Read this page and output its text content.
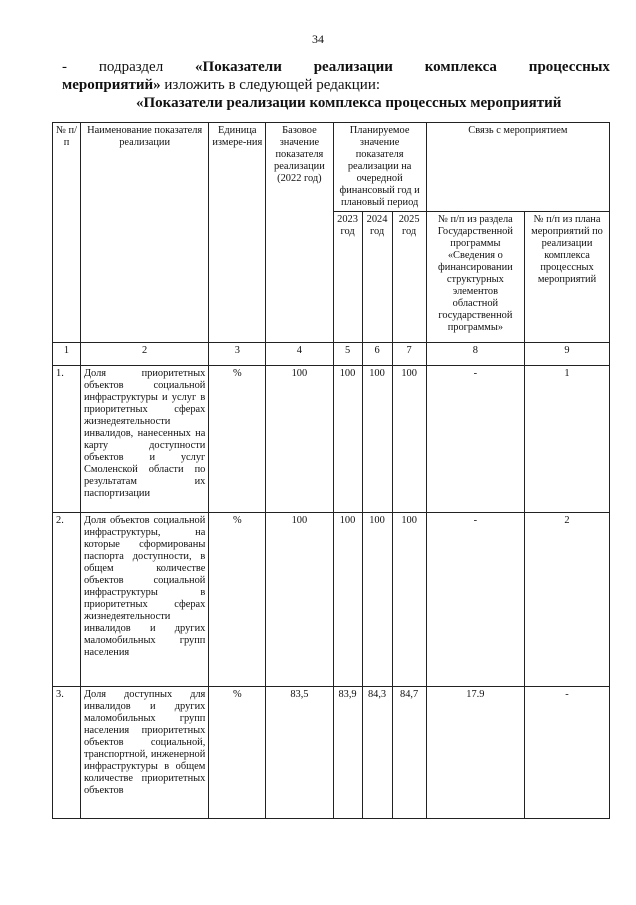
34
- подраздел «Показатели реализации комплекса процессных
мероприятий» изложить в следующей редакции:
«Показатели реализации комплекса процессных мероприятий
№ п/п	Наименование показателя реализации	Единица измере-ния	Базовое значение показателя реализации (2022 год)	Планируемое значение показателя реализации на очередной финансовый год и плановый период			Связь с мероприятием	
				2023 год	2024 год	2025 год	№ п/п из раздела Государственной программы «Сведения о финансировании структурных элементов областной государственной программы»	№ п/п из плана мероприятий по реализации комплекса процессных мероприятий
1	2	3	4	5	6	7	8	9
1.	Доля приоритетных объектов социальной инфраструктуры и услуг в приоритетных сферах жизнедеятельности инвалидов, нанесенных на карту доступности объектов и услуг Смоленской области по результатам их паспортизации	%	100	100	100	100	-	1
2.	Доля объектов социальной инфраструктуры, на которые сформированы паспорта доступности, в общем количестве объектов социальной инфраструктуры в приоритетных сферах жизнедеятельности инвалидов и других маломобильных групп населения	%	100	100	100	100	-	2
3.	Доля доступных для инвалидов и других маломобильных групп населения приоритетных объектов социальной, транспортной, инженерной инфраструктуры в общем количестве приоритетных объектов	%	83,5	83,9	84,3	84,7	17.9	-
